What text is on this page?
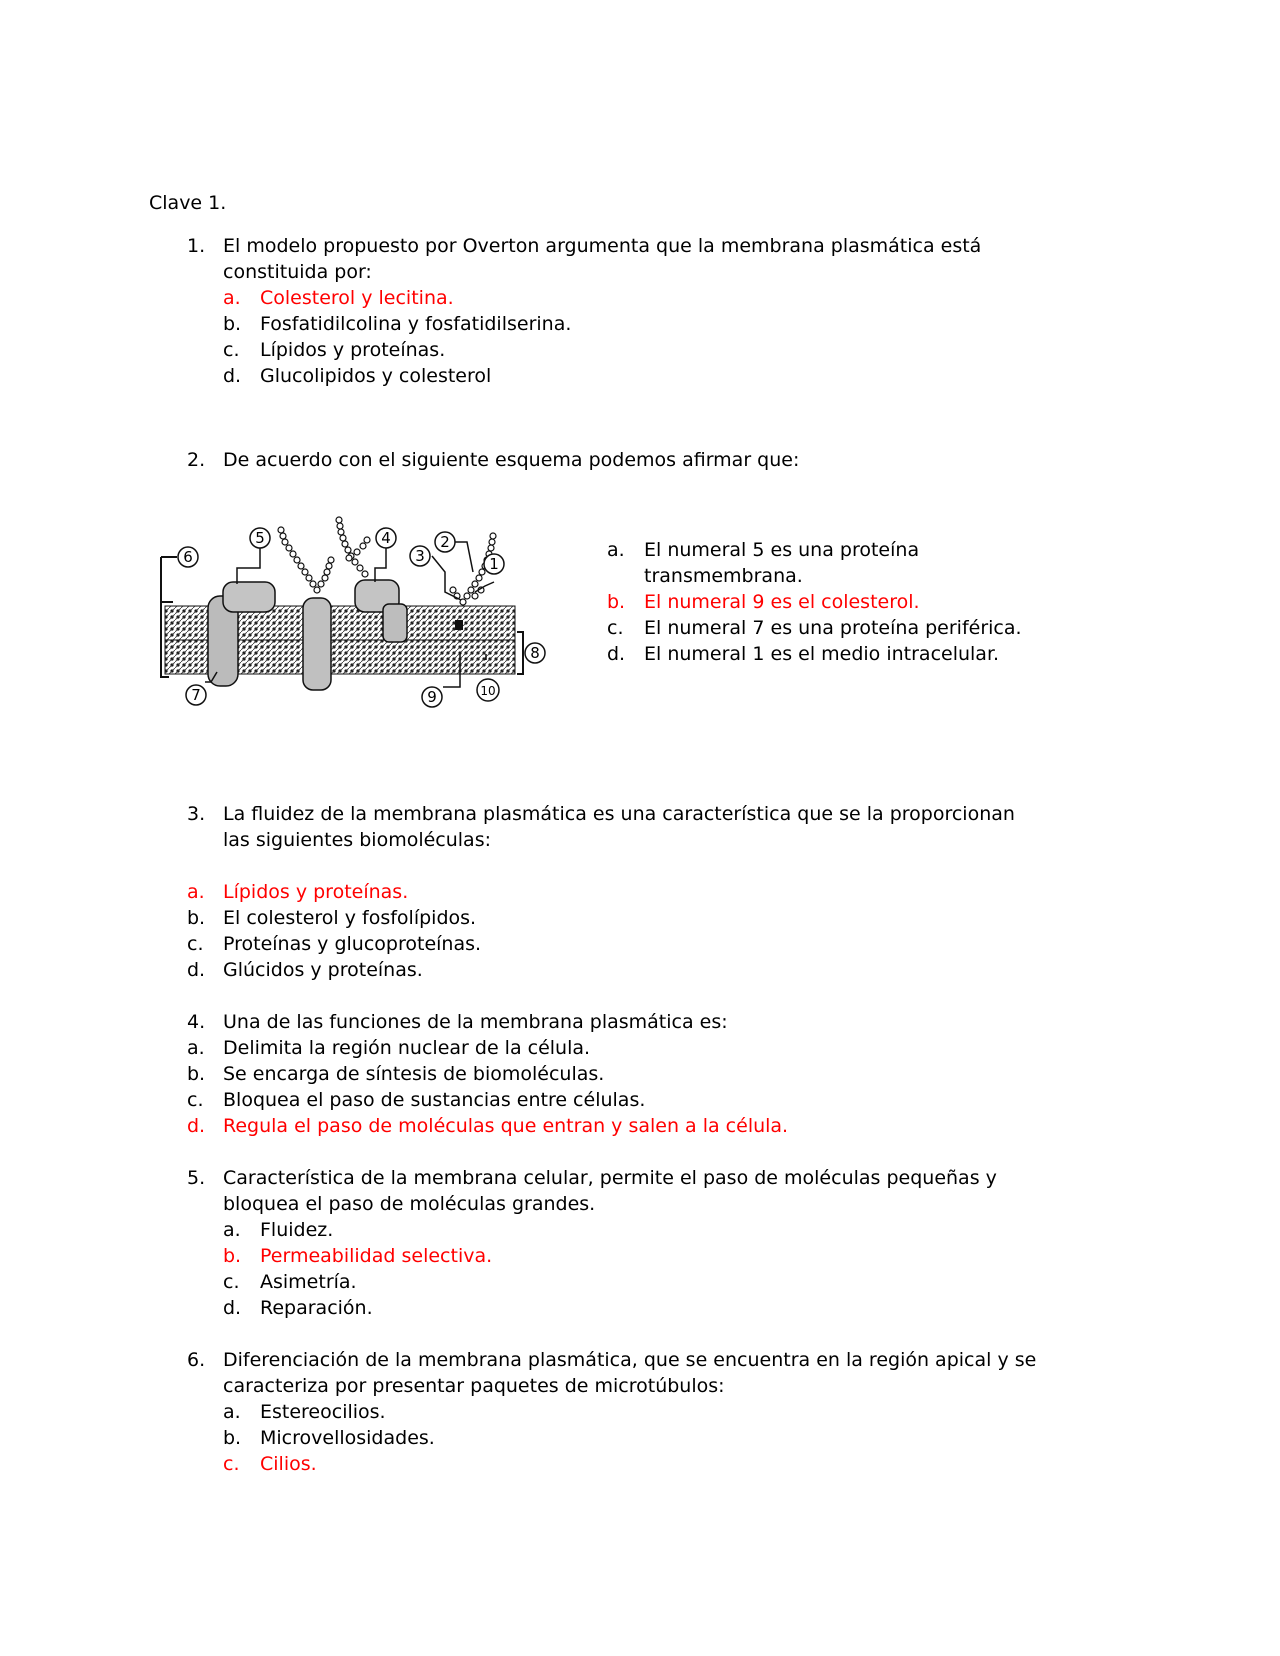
Clave 1.
1. El modelo propuesto por Overton argumenta que la membrana plasmática está
constituida por:
a. Colesterol y lecitina.
b. Fosfatidilcolina y fosfatidilserina.
c. Lípidos y proteínas.
d. Glucolipidos y colesterol
2. De acuerdo con el siguiente esquema podemos afirmar que:
1
2
3
4
5
6
7
8
9	10
a. El numeral 5 es una proteína
transmembrana.
b. El numeral 9 es el colesterol.
c. El numeral 7 es una proteína periférica.
d. El numeral 1 es el medio intracelular.
3. La fluidez de la membrana plasmática es una característica que se la proporcionan
las siguientes biomoléculas:
a. Lípidos y proteínas.
b. El colesterol y fosfolípidos.
c. Proteínas y glucoproteínas.
d. Glúcidos y proteínas.
4. Una de las funciones de la membrana plasmática es:
a. Delimita la región nuclear de la célula.
b. Se encarga de síntesis de biomoléculas.
c. Bloquea el paso de sustancias entre células.
d. Regula el paso de moléculas que entran y salen a la célula.
5. Característica de la membrana celular, permite el paso de moléculas pequeñas y
bloquea el paso de moléculas grandes.
a. Fluidez.
b. Permeabilidad selectiva.
c. Asimetría.
d. Reparación.
6. Diferenciación de la membrana plasmática, que se encuentra en la región apical y se
caracteriza por presentar paquetes de microtúbulos:
a. Estereocilios.
b. Microvellosidades.
c. Cilios.
